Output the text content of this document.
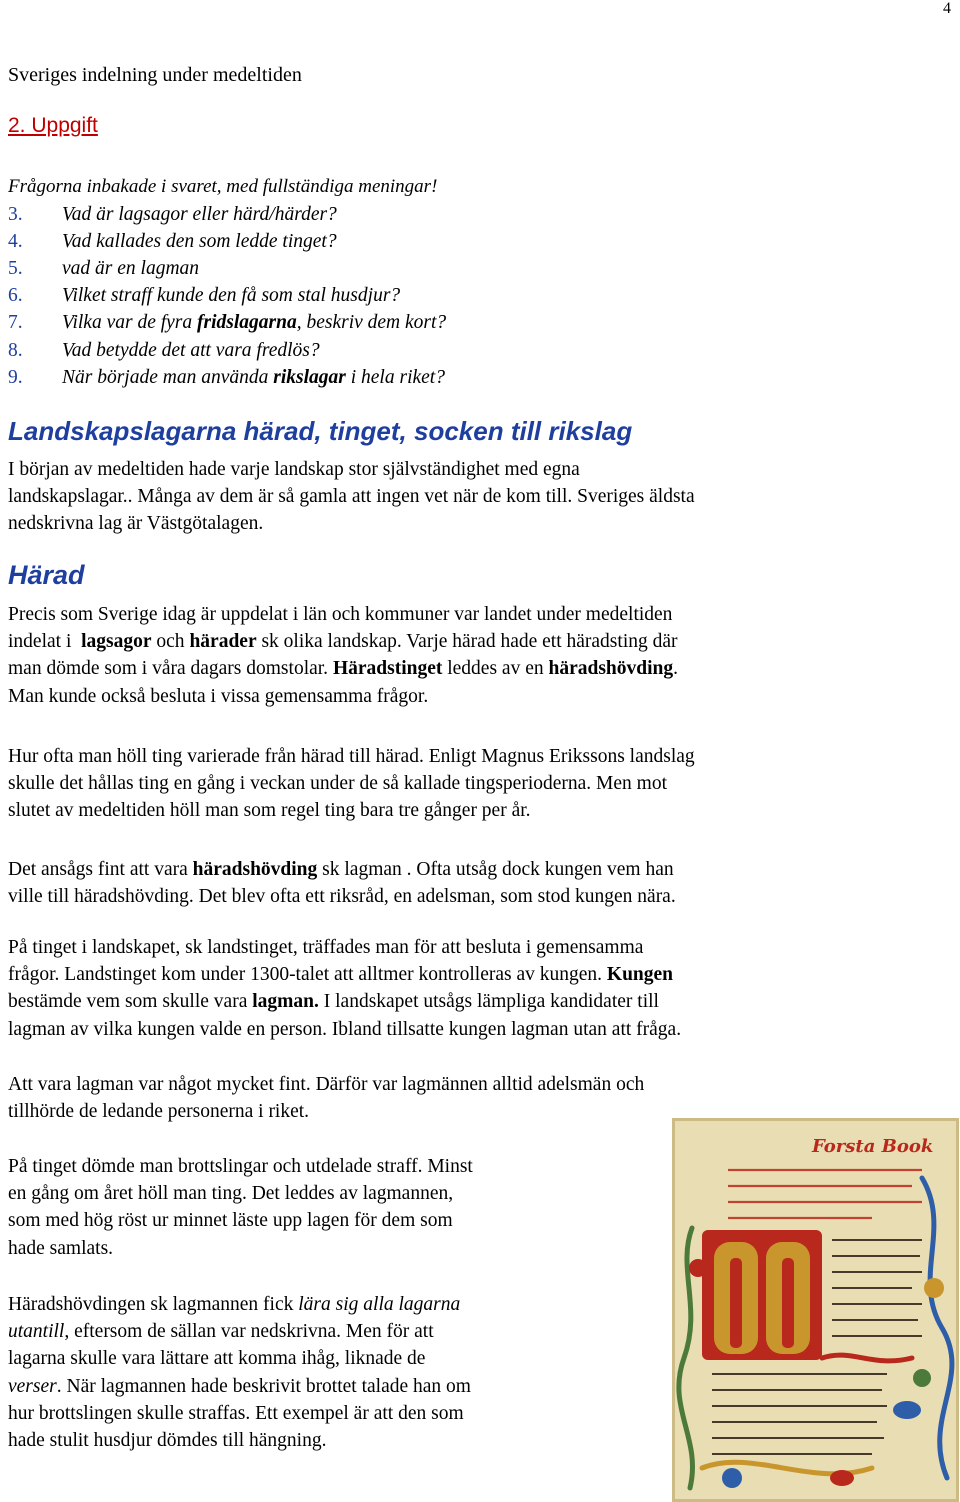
4
Sveriges indelning under medeltiden
2. Uppgift
Frågorna inbakade i svaret, med fullständiga meningar!
3. Vad är lagsagor eller härd/härder?
4. Vad kallades den som ledde tinget?
5. vad är en lagman
6. Vilket straff kunde den få som stal husdjur?
7. Vilka var de fyra fridslagarna, beskriv dem kort?
8. Vad betydde det att vara fredlös?
9. När började man använda rikslagar i hela riket?
Landskapslagarna härad, tinget, socken till rikslag
I början av medeltiden hade varje landskap stor självständighet med egna
landskapslagar.. Många av dem är så gamla att ingen vet när de kom till. Sveriges äldsta
nedskrivna lag är Västgötalagen.
Härad
Precis som Sverige idag är uppdelat i län och kommuner var landet under medeltiden
indelat i  lagsagor och härader sk olika landskap. Varje härad hade ett häradsting där
man dömde som i våra dagars domstolar. Häradstinget leddes av en häradshövding.
Man kunde också besluta i vissa gemensamma frågor.
Hur ofta man höll ting varierade från härad till härad. Enligt Magnus Erikssons landslag
skulle det hållas ting en gång i veckan under de så kallade tingsperioderna. Men mot
slutet av medeltiden höll man som regel ting bara tre gånger per år.
Det ansågs fint att vara häradshövding sk lagman . Ofta utsåg dock kungen vem han
ville till häradshövding. Det blev ofta ett riksråd, en adelsman, som stod kungen nära.
På tinget i landskapet, sk landstinget, träffades man för att besluta i gemensamma
frågor. Landstinget kom under 1300-talet att alltmer kontrolleras av kungen. Kungen
bestämde vem som skulle vara lagman. I landskapet utsågs lämpliga kandidater till
lagman av vilka kungen valde en person. Ibland tillsatte kungen lagman utan att fråga.
Att vara lagman var något mycket fint. Därför var lagmännen alltid adelsmän och
tillhörde de ledande personerna i riket.
På tinget dömde man brottslingar och utdelade straff. Minst
en gång om året höll man ting. Det leddes av lagmannen,
som med hög röst ur minnet läste upp lagen för dem som
hade samlats.
Häradshövdingen sk lagmannen fick lära sig alla lagarna
utantill, eftersom de sällan var nedskrivna. Men för att
lagarna skulle vara lättare att komma ihåg, liknade de
verser. När lagmannen hade beskrivit brottet talade han om
hur brottslingen skulle straffas. Ett exempel är att den som
hade stulit husdjur dömdes till hängning.
Forsta Book
